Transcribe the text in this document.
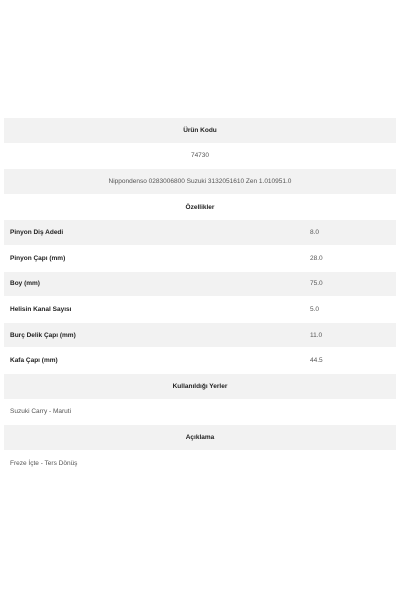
Ürün Kodu
74730
Nippondenso 0283006800 Suzuki 3132051610 Zen 1.010951.0
Özellikler
Pinyon Diş Adedi	8.0
Pinyon Çapı (mm)	28.0
Boy (mm)	75.0
Helisin Kanal Sayısı	5.0
Burç Delik Çapı (mm)	11.0
Kafa Çapı (mm)	44.5
Kullanıldığı Yerler
Suzuki Carry - Maruti
Açıklama
Freze İçte - Ters Dönüş
